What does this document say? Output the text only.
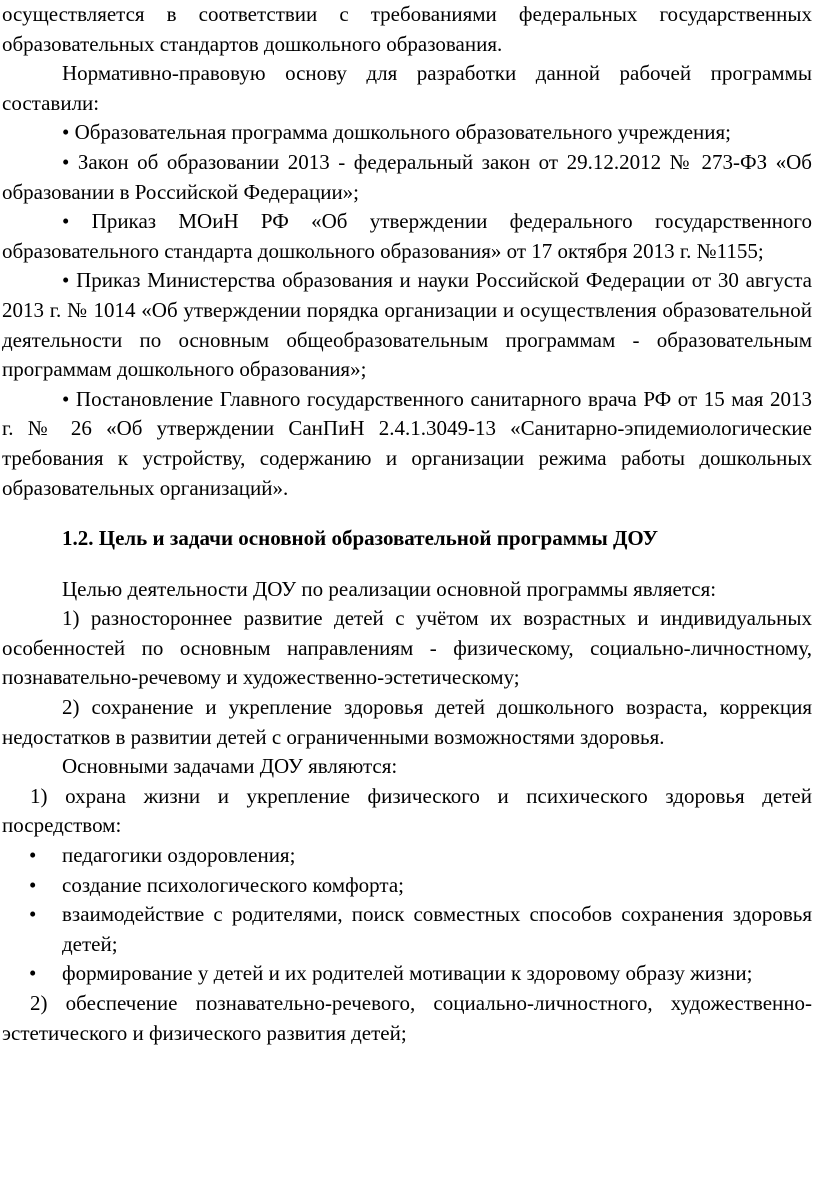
осуществляется в соответствии с требованиями федеральных государственных образовательных стандартов дошкольного образования.

Нормативно-правовую основу для разработки данной рабочей программы составили:

• Образовательная программа дошкольного образовательного учреждения;

• Закон об образовании 2013 - федеральный закон от 29.12.2012 № 273-ФЗ «Об образовании в Российской Федерации»;

• Приказ МОиН РФ «Об утверждении федерального государственного образовательного стандарта дошкольного образования» от 17 октября 2013 г. №1155;

• Приказ Министерства образования и науки Российской Федерации от 30 августа 2013 г. № 1014 «Об утверждении порядка организации и осуществления образовательной деятельности по основным общеобразовательным программам - образовательным программам дошкольного образования»;

• Постановление Главного государственного санитарного врача РФ от 15 мая 2013 г. № 26 «Об утверждении СанПиН 2.4.1.3049-13 «Санитарно-эпидемиологические требования к устройству, содержанию и организации режима работы дошкольных образовательных организаций».

1.2. Цель и задачи основной образовательной программы ДОУ

Целью деятельности ДОУ по реализации основной программы является:

1) разностороннее развитие детей с учётом их возрастных и индивидуальных особенностей по основным направлениям - физическому, социально-личностному, познавательно-речевому и художественно-эстетическому;

2) сохранение и укрепление здоровья детей дошкольного возраста, коррекция недостатков в развитии детей с ограниченными возможностями здоровья.

Основными задачами ДОУ являются:

1) охрана жизни и укрепление физического и психического здоровья детей посредством:

• педагогики оздоровления;
• создание психологического комфорта;
• взаимодействие с родителями, поиск совместных способов сохранения здоровья детей;
• формирование у детей и их родителей мотивации к здоровому образу жизни;

2) обеспечение познавательно-речевого, социально-личностного, художественно-эстетического и физического развития детей;
